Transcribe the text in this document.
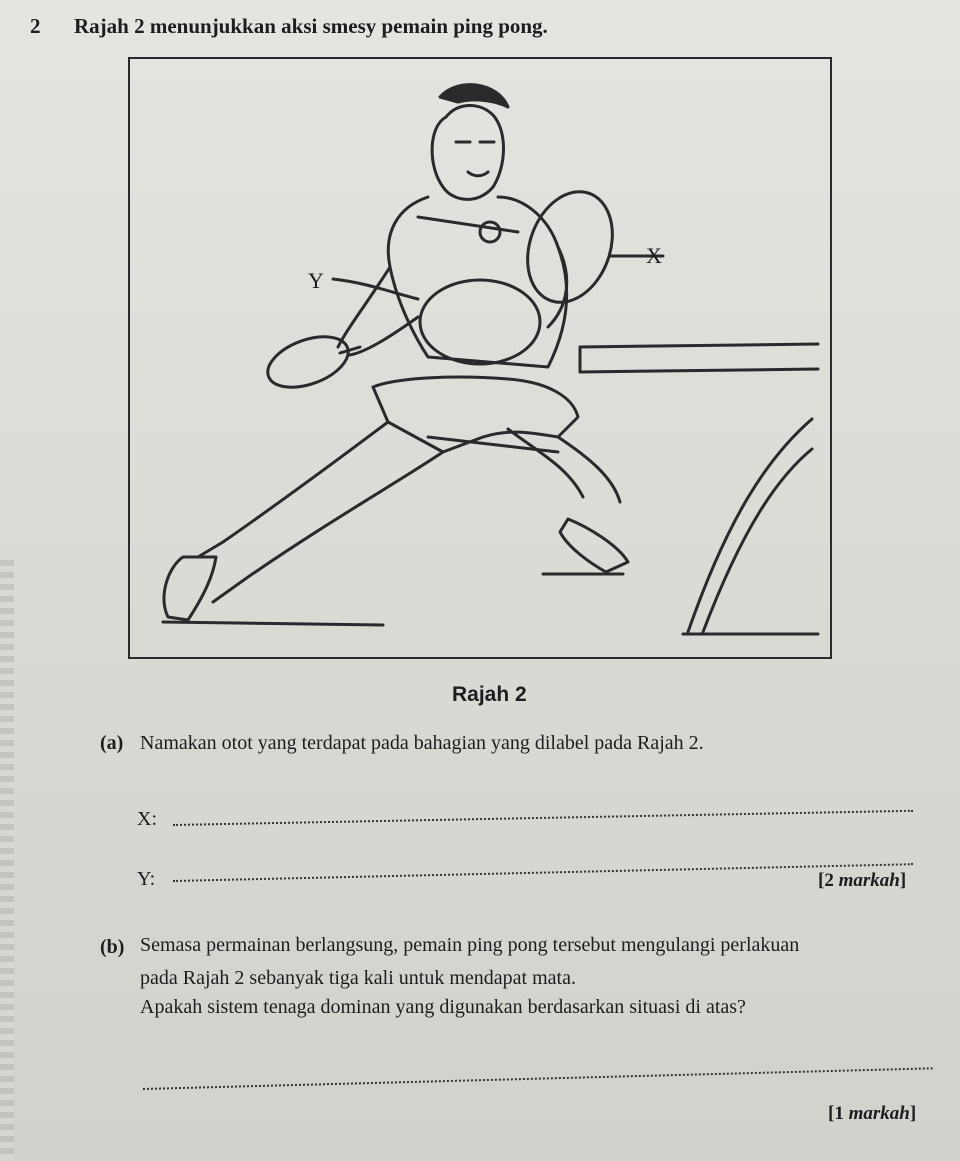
2 Rajah 2 menunjukkan aksi smesy pemain ping pong.
X
Y
Rajah 2
(a) Namakan otot yang terdapat pada bahagian yang dilabel pada Rajah 2.
X:
Y:	[2 markah]
(b) Semasa permainan berlangsung, pemain ping pong tersebut mengulangi perlakuan
pada Rajah 2 sebanyak tiga kali untuk mendapat mata.
Apakah sistem tenaga dominan yang digunakan berdasarkan situasi di atas?
[1 markah]
